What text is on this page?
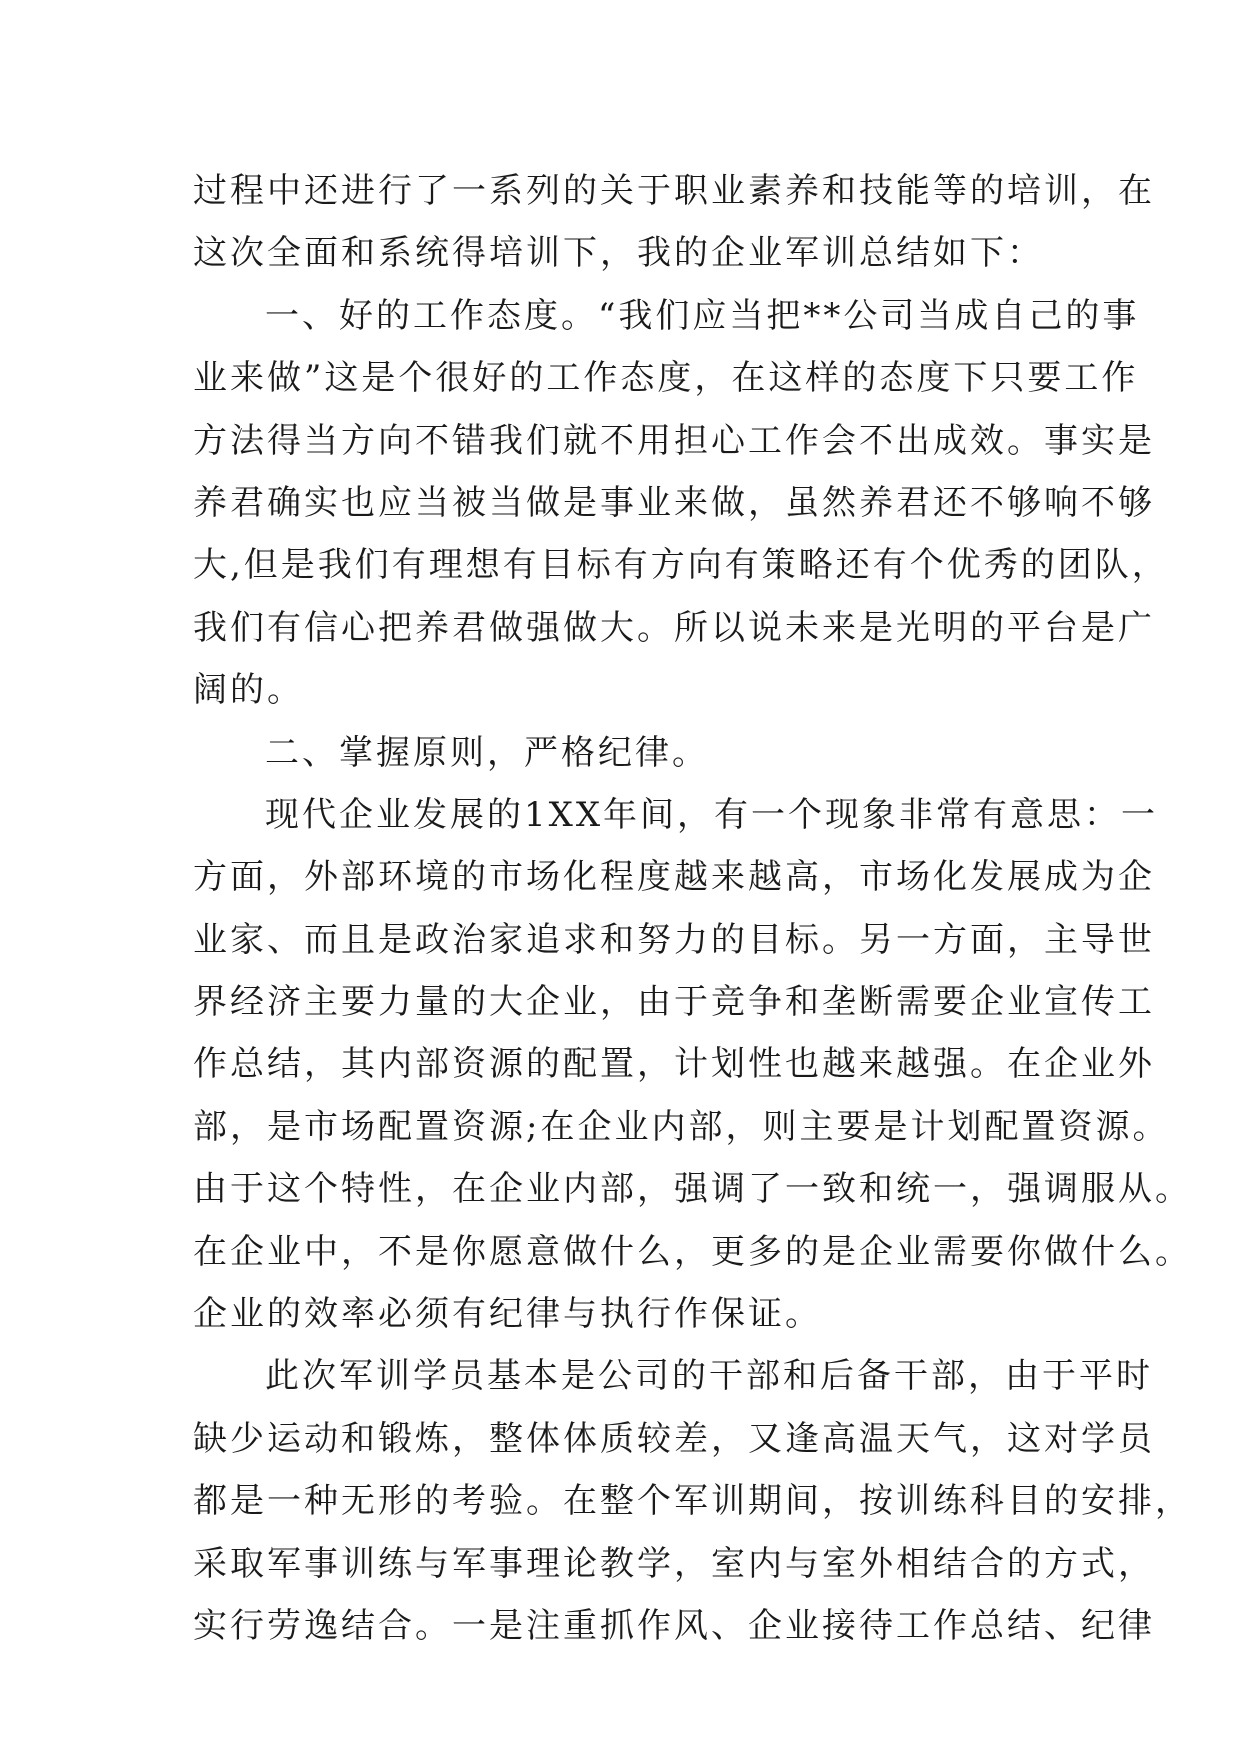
过程中还进行了一系列的关于职业素养和技能等的培训，在
这次全面和系统得培训下，我的企业军训总结如下：
一、好的工作态度。“我们应当把**公司当成自己的事
业来做”这是个很好的工作态度，在这样的态度下只要工作
方法得当方向不错我们就不用担心工作会不出成效。事实是
养君确实也应当被当做是事业来做，虽然养君还不够响不够
大,但是我们有理想有目标有方向有策略还有个优秀的团队，
我们有信心把养君做强做大。所以说未来是光明的平台是广
阔的。
二、掌握原则，严格纪律。
现代企业发展的1XX年间，有一个现象非常有意思：一
方面，外部环境的市场化程度越来越高，市场化发展成为企
业家、而且是政治家追求和努力的目标。另一方面，主导世
界经济主要力量的大企业，由于竞争和垄断需要企业宣传工
作总结，其内部资源的配置，计划性也越来越强。在企业外
部，是市场配置资源;在企业内部，则主要是计划配置资源。
由于这个特性，在企业内部，强调了一致和统一，强调服从。
在企业中，不是你愿意做什么，更多的是企业需要你做什么。
企业的效率必须有纪律与执行作保证。
此次军训学员基本是公司的干部和后备干部，由于平时
缺少运动和锻炼，整体体质较差，又逢高温天气，这对学员
都是一种无形的考验。在整个军训期间，按训练科目的安排，
采取军事训练与军事理论教学，室内与室外相结合的方式，
实行劳逸结合。一是注重抓作风、企业接待工作总结、纪律
